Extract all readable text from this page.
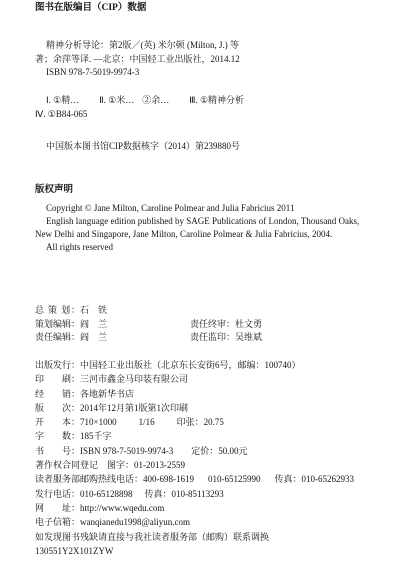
图书在版编目（CIP）数据
精神分析导论：第2版／(英) 米尔顿 (Milton, J.) 等
著；余萍等译. —北京：中国轻工业出版社，2014.12
ISBN 978-7-5019-9974-3
Ⅰ. ①精… Ⅱ. ①米… ②余… Ⅲ. ①精神分析
Ⅳ. ①B84-065
中国版本图书馆CIP数据核字（2014）第239880号
版权声明
Copyright © Jane Milton, Caroline Polmear and Julia Fabricius 2011
English language edition published by SAGE Publications of London, Thousand Oaks,
New Delhi and Singapore, Jane Milton, Caroline Polmear & Julia Fabricius, 2004.
All rights reserved
总 策 划：石　铁
策划编辑：阎　兰	责任终审：杜文勇
责任编辑：阎　兰	责任监印：吴维斌
出版发行：中国轻工业出版社（北京东长安街6号，邮编：100740）
印　　刷：三河市鑫金马印装有限公司
经　　销：各地新华书店
版　　次：2014年12月第1版第1次印刷
开　　本：710×1000 1/16 印张：20.75
字　　数：185千字
书　　号：ISBN 978-7-5019-9974-3 定价：50.00元
著作权合同登记　图字：01-2013-2559
读者服务部邮购热线电话：400-698-1619 010-65125990 传真：010-65262933
发行电话：010-65128898 传真：010-85113293
网　　址：http://www.wqedu.com
电子信箱：wanqianedu1998@aliyun.com
如发现图书残缺请直接与我社读者服务部（邮购）联系调换
130551Y2X101ZYW
